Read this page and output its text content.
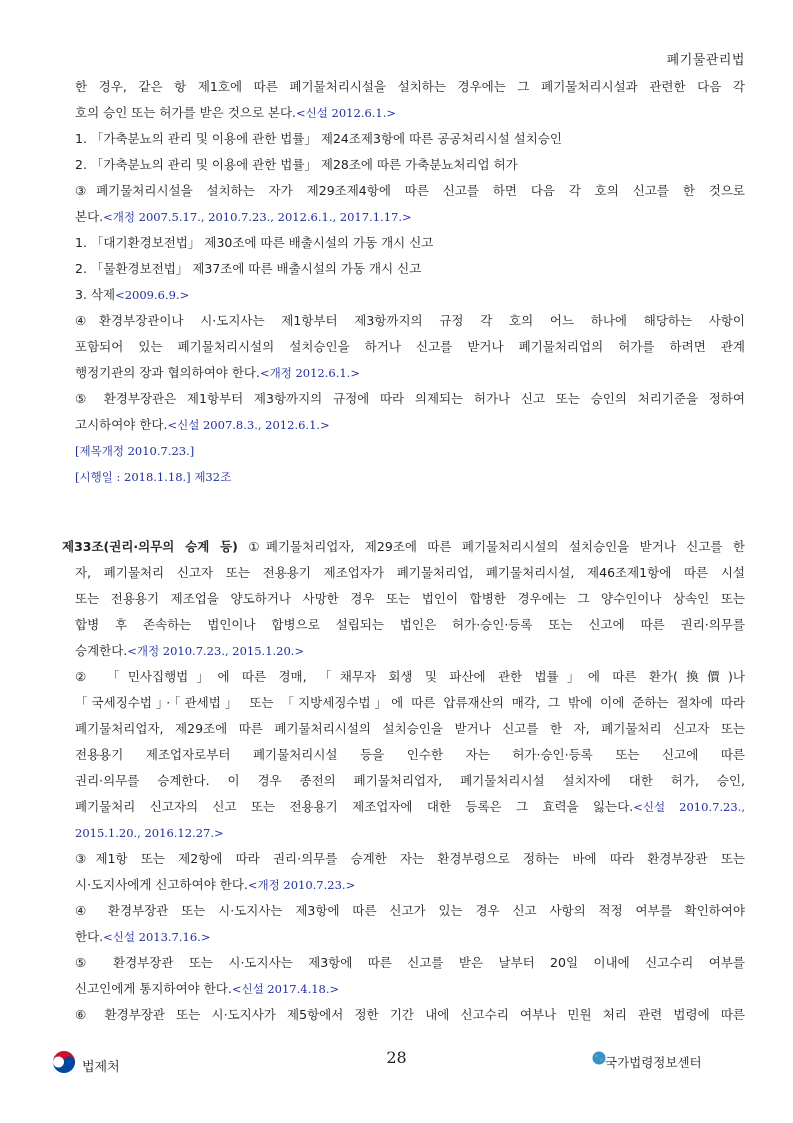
폐기물관리법
한 경우, 같은 항 제1호에 따른 폐기물처리시설을 설치하는 경우에는 그 폐기물처리시설과 관련한 다음 각
호의 승인 또는 허가를 받은 것으로 본다.<신설 2012.6.1.>
1. 「가축분뇨의 관리 및 이용에 관한 법률」 제24조제3항에 따른 공공처리시설 설치승인
2. 「가축분뇨의 관리 및 이용에 관한 법률」 제28조에 따른 가축분뇨처리업 허가
③폐기물처리시설을 설치하는 자가 제29조제4항에 따른 신고를 하면 다음 각 호의 신고를 한 것으로
본다.<개정 2007.5.17., 2010.7.23., 2012.6.1., 2017.1.17.>
1. 「대기환경보전법」 제30조에 따른 배출시설의 가동 개시 신고
2. 「물환경보전법」 제37조에 따른 배출시설의 가동 개시 신고
3. 삭제<2009.6.9.>
④환경부장관이나 시·도지사는 제1항부터 제3항까지의 규정 각 호의 어느 하나에 해당하는 사항이
포함되어 있는 폐기물처리시설의 설치승인을 하거나 신고를 받거나 폐기물처리업의 허가를 하려면 관계
행정기관의 장과 협의하여야 한다.<개정 2012.6.1.>
⑤ 환경부장관은 제1항부터 제3항까지의 규정에 따라 의제되는 허가나 신고 또는 승인의 처리기준을 정하여
고시하여야 한다.<신설 2007.8.3., 2012.6.1.>
[제목개정 2010.7.23.]
[시행일 : 2018.1.18.] 제32조
제33조(권리·의무의 승계 등) ①폐기물처리업자, 제29조에 따른 폐기물처리시설의 설치승인을 받거나 신고를 한
자, 폐기물처리 신고자 또는 전용용기 제조업자가 폐기물처리업, 폐기물처리시설, 제46조제1항에 따른 시설
또는 전용용기 제조업을 양도하거나 사망한 경우 또는 법인이 합병한 경우에는 그 양수인이나 상속인 또는
합병 후 존속하는 법인이나 합병으로 설립되는 법인은 허가·승인·등록 또는 신고에 따른 권리·의무를
승계한다.<개정 2010.7.23., 2015.1.20.>
② 「민사집행법」에 따른 경매, 「채무자 회생 및 파산에 관한 법률」에 따른 환가(換價)나
「국세징수법」·「관세법」 또는 「지방세징수법」에 따른 압류재산의 매각, 그 밖에 이에 준하는 절차에 따라
폐기물처리업자, 제29조에 따른 폐기물처리시설의 설치승인을 받거나 신고를 한 자, 폐기물처리 신고자 또는
전용용기 제조업자로부터 폐기물처리시설 등을 인수한 자는 허가·승인·등록 또는 신고에 따른
권리·의무를 승계한다. 이 경우 종전의 폐기물처리업자, 폐기물처리시설 설치자에 대한 허가, 승인,
폐기물처리 신고자의 신고 또는 전용용기 제조업자에 대한 등록은 그 효력을 잃는다.<신설 2010.7.23.,
2015.1.20., 2016.12.27.>
③제1항 또는 제2항에 따라 권리·의무를 승계한 자는 환경부령으로 정하는 바에 따라 환경부장관 또는
시·도지사에게 신고하여야 한다.<개정 2010.7.23.>
④ 환경부장관 또는 시·도지사는 제3항에 따른 신고가 있는 경우 신고 사항의 적정 여부를 확인하여야
한다.<신설 2013.7.16.>
⑤ 환경부장관 또는 시·도지사는 제3항에 따른 신고를 받은 날부터 20일 이내에 신고수리 여부를
신고인에게 통지하여야 한다.<신설 2017.4.18.>
⑥ 환경부장관 또는 시·도지사가 제5항에서 정한 기간 내에 신고수리 여부나 민원 처리 관련 법령에 따른
법제처
28	국가법령정보센터
